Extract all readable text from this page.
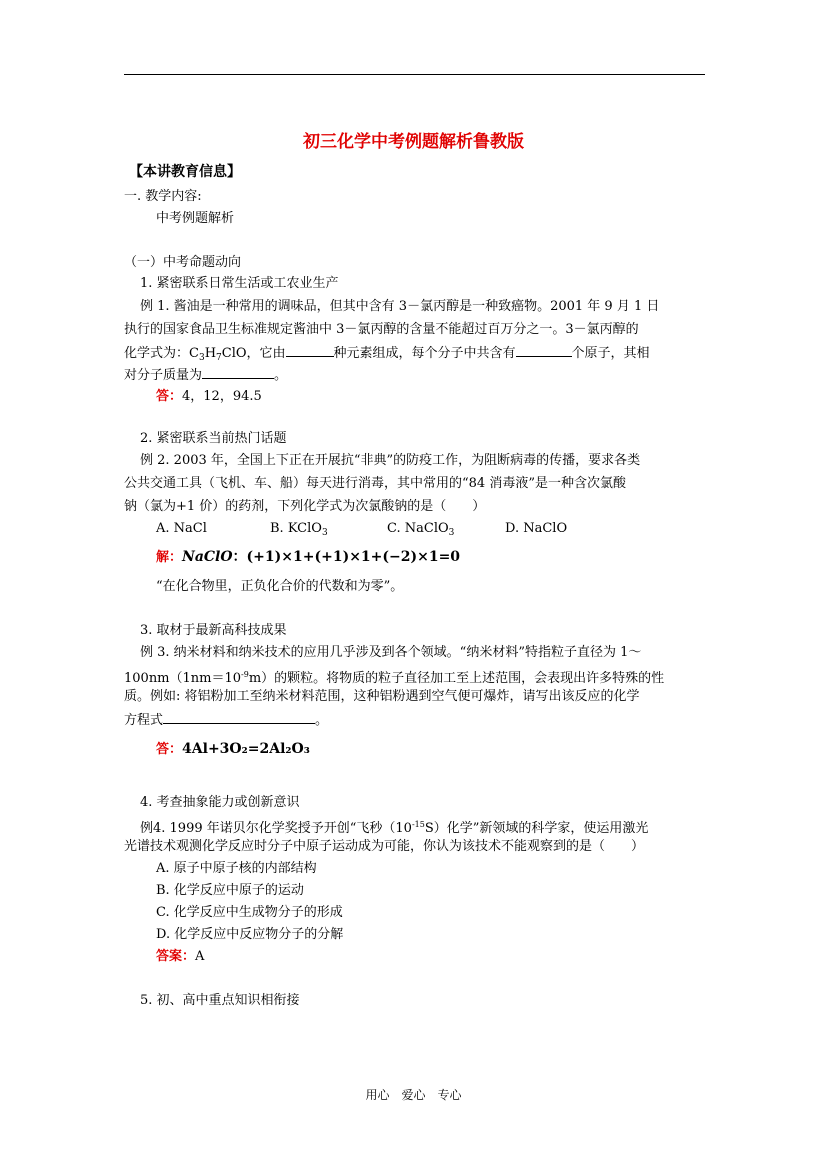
初三化学中考例题解析鲁教版
【本讲教育信息】
一. 教学内容:
中考例题解析
（一）中考命题动向
1. 紧密联系日常生活或工农业生产
例 1. 酱油是一种常用的调味品，但其中含有 3－氯丙醇是一种致癌物。2001 年 9 月 1 日
执行的国家食品卫生标准规定酱油中 3－氯丙醇的含量不能超过百万分之一。3－氯丙醇的
化学式为：$C_3H_7ClO$，它由	种元素组成，每个分子中共含有	个原子，其相
对分子质量为	。
答：4，12，94.5
2. 紧密联系当前热门话题
例 2. 2003 年，全国上下正在开展抗“非典”的防疫工作，为阻断病毒的传播，要求各类
公共交通工具（飞机、车、船）每天进行消毒，其中常用的“84 消毒液”是一种含次氯酸
钠（氯为+1 价）的药剂，下列化学式为次氯酸钠的是（　　）
A. NaCl	B. KClO$_3$	C. NaClO$_3$	D. NaClO
解：NaClO：(+1)×1+(+1)×1+(−2)×1=0
“在化合物里，正负化合价的代数和为零”。
3. 取材于最新高科技成果
例 3. 纳米材料和纳米技术的应用几乎涉及到各个领域。“纳米材料”特指粒子直径为 1～
$100nm(1nm=10^{-9}m)$的颗粒。将物质的粒子直径加工至上述范围，会表现出许多特殊的性
质。例如: 将铝粉加工至纳米材料范围，这种铝粉遇到空气便可爆炸，请写出该反应的化学
方程式	。
答：4Al+3O₂=2Al₂O₃
4. 考查抽象能力或创新意识
例4. 1999 年诺贝尔化学奖授予开创“飞秒$(10^{-15}S)$化学”新领域的科学家，使运用激光
光谱技术观测化学反应时分子中原子运动成为可能，你认为该技术不能观察到的是（　　）
A. 原子中原子核的内部结构
B. 化学反应中原子的运动
C. 化学反应中生成物分子的形成
D. 化学反应中反应物分子的分解
答案：A
5. 初、高中重点知识相衔接
用心 爱心 专心
